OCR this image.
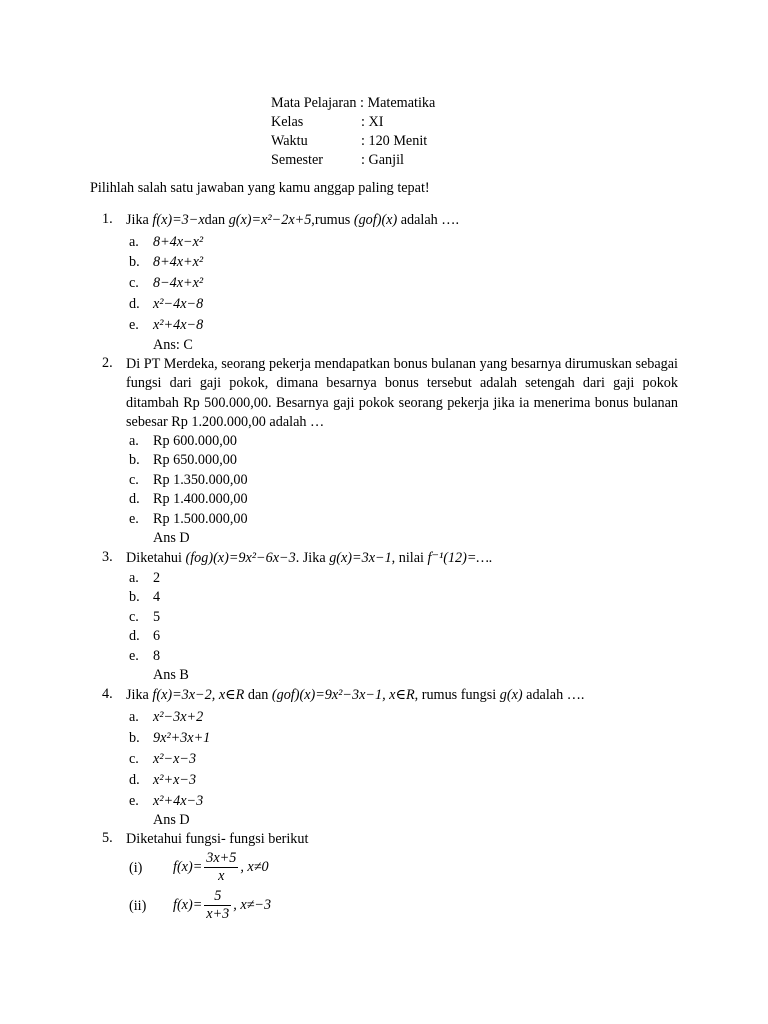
Mata Pelajaran : Matematika
Kelas	: XI
Waktu	: 120 Menit
Semester	: Ganjil
Pilihlah salah satu jawaban yang kamu anggap paling tepat!
1. Jika f(x)=3−xdan g(x)=x²−2x+5,rumus (gof)(x) adalah ….
a. 8+4x−x²
b. 8+4x+x²
c. 8−4x+x²
d. x²−4x−8
e. x²+4x−8
Ans: C
2. Di PT Merdeka, seorang pekerja mendapatkan bonus bulanan yang besarnya dirumuskan sebagai fungsi dari gaji pokok, dimana besarnya bonus tersebut adalah setengah dari gaji pokok ditambah Rp 500.000,00. Besarnya gaji pokok seorang pekerja jika ia menerima bonus bulanan sebesar Rp 1.200.000,00 adalah …
a. Rp 600.000,00
b. Rp 650.000,00
c. Rp 1.350.000,00
d. Rp 1.400.000,00
e. Rp 1.500.000,00
Ans D
3. Diketahui (fog)(x)=9x²−6x−3. Jika g(x)=3x−1, nilai f⁻¹(12)=….
a. 2
b. 4
c. 5
d. 6
e. 8
Ans B
4. Jika f(x)=3x−2, x∈R dan (gof)(x)=9x²−3x−1, x∈R, rumus fungsi g(x) adalah ….
a. x²−3x+2
b. 9x²+3x+1
c. x²−x−3
d. x²+x−3
e. x²+4x−3
Ans D
5. Diketahui fungsi- fungsi berikut
(i) $f(x)= \frac{3x+5}{x}$ , x≠0
(ii) $f(x)= \frac{5}{x+3}$ , x≠−3
